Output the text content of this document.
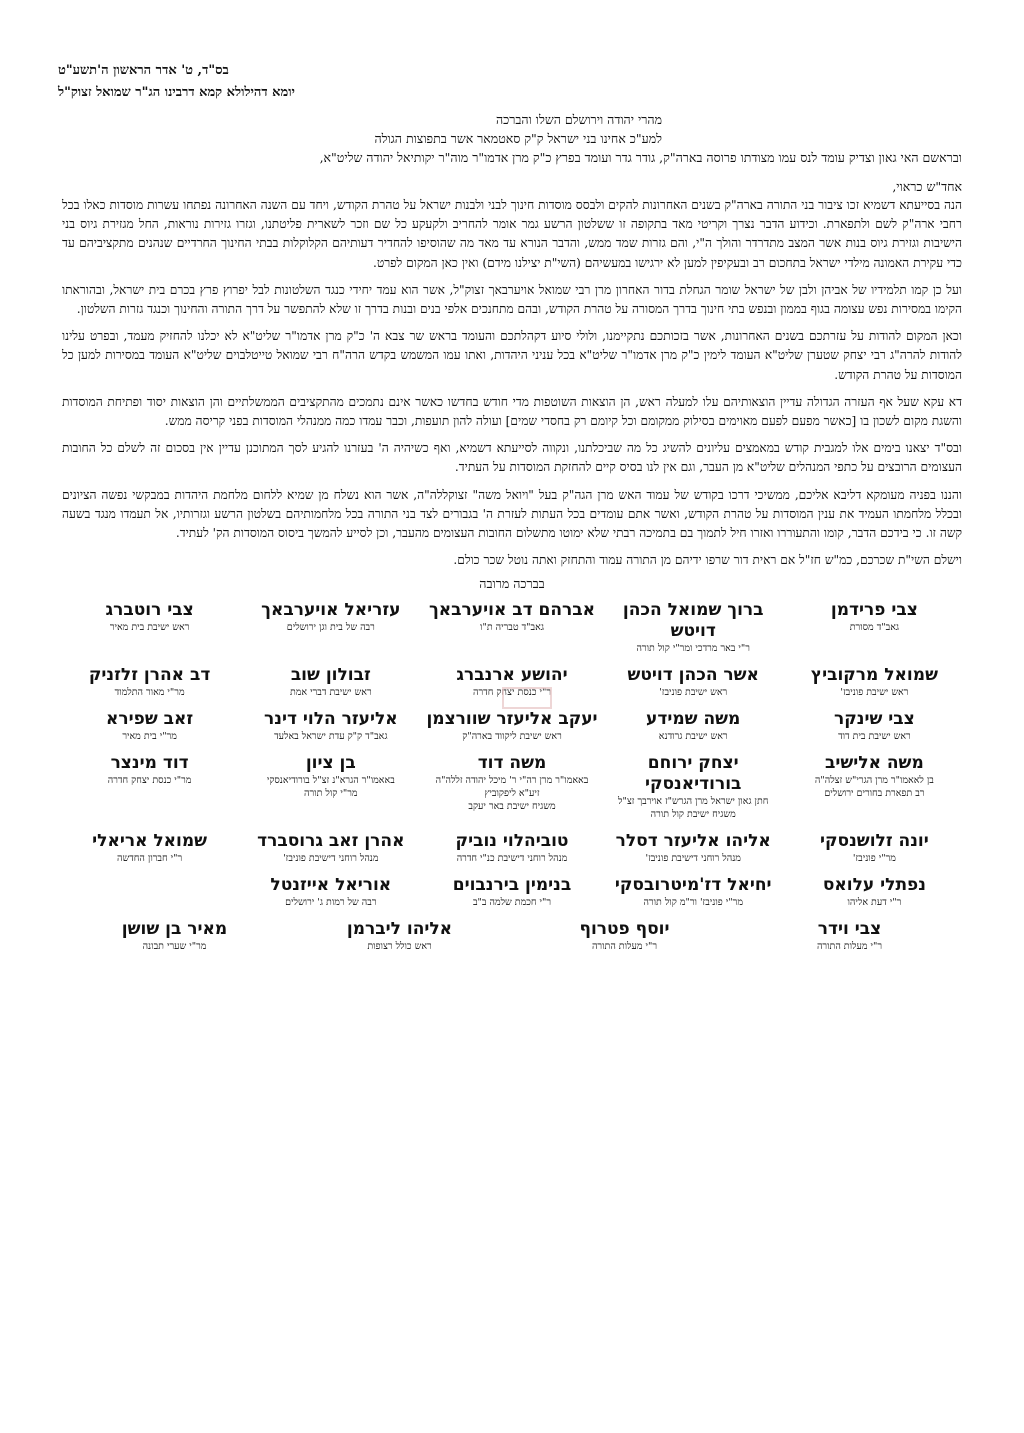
בס"ד, ט' אדר הראשון ה'תשע"ט
יומא דהילולא קמא דרבינו הג"ר שמואל זצוק"ל
מהרי יהודה וירושלם השלו והברכה
למע"כ אחינו בני ישראל ק"ק סאטמאר אשר בתפוצות הגולה
ובראשם האי גאון וצדיק עומד לנס עמו מצודתו פרוסה בארה"ק, גודר גדר ועומד בפרץ כ"ק מרן אדמו"ר מוה"ר יקותיאל יהודה שליט"א,
אחד"ש כראוי,

הנה בסייעתא דשמיא זכו ציבור בני התורה בארה"ק בשנים האחרונות להקים ולבסס מוסדות חינוך לבני ולבנות ישראל על טהרת הקודש, ויחד עם השנה האחרונה נפתחו עשרות מוסדות כאלו בכל רחבי ארה"ק לשם ולתפארת. וכידוע הדבר נצרך וקריטי מאד בתקופה זו ששלטון הרשע גמר אומר להחריב ולקעקע כל שם וזכר לשארית פליטתנו, וגזרו גזירות נוראות, החל מגזירת גיוס בני הישיבות וגזירת גיוס בנות אשר המצב מתדרדר והולך ה"י, והם גזרות שמד ממש, והדבר הנורא עד מאד מה שהוסיפו להחדיר דעותיהם הקלוקלות בבתי החינוך החרדיים שנהנים מתקציביהם עד כדי עקירת האמונה מילדי ישראל בתחכום רב ובעקיפין למען לא ירגישו במעשיהם (השי"ת יצילנו מידם) ואין כאן המקום לפרט.

ועל כן קמו תלמידיו של אביהן ולבן של ישראל שומר הגחלת בדור האחרון מרן רבי שמואל אויערבאך זצוק"ל, אשר הוא עמד יחידי כנגד השלטונות לבל יפרוץ פרץ בכרם בית ישראל, ובהוראתו הקימו במסירות נפש עצומה בגוף בממון ובנפש בתי חינוך בדרך המסורה על טהרת הקודש, ובהם מתחנכים אלפי בנים ובנות בדרך זו שלא להתפשר על דרך התורה והחינוך וכנגד גזרות השלטון.

וכאן המקום להודות על עזרתכם בשנים האחרונות, אשר בזכותכם נתקיימנו, ולולי סיוע דקהלתכם והעומד בראש שר צבא ה' כ"ק מרן אדמו"ר שליט"א לא יכלנו להחזיק מעמד, ובפרט עלינו להודות להרה"ג רבי יצחק שטערן שליט"א העומד לימין כ"ק מרן אדמו"ר שליט"א בכל עניני היהדות, ואתו עמו המשמש בקדש הרה"ח רבי שמואל טייטלבוים שליט"א העומד במסירות למען כל המוסדות על טהרת הקודש.

דא עקא שעל אף העזרה הגדולה עדיין הוצאותיהם עלו למעלה ראש, הן הוצאות השוטפות מדי חודש בחדשו כאשר אינם נתמכים מהתקציבים הממשלתיים והן הוצאות יסוד ופתיחת המוסדות והשגת מקום לשכון בו [כאשר מפעם לפעם מאוימים בסילוק ממקומם וכל קיומם רק בחסדי שמים] ועולה להון תועפות, וכבר עמדו כמה ממנהלי המוסדות בפני קריסה ממש.

ובס"ד יצאנו בימים אלו למגבית קודש במאמצים עליונים להשיג כל מה שביכלתנו, ונקווה לסייעתא דשמיא, ואף כשיהיה ה' בעזרנו להגיע לסך המתוכנן עדיין אין בסכום זה לשלם כל החובות העצומים הרובצים על כתפי המנהלים שליט"א מן העבר, וגם אין לנו בסיס קיים להחזקת המוסדות על העתיד.

והננו בפניה מעומקא דליבא אליכם, ממשיכי דרכו בקודש של עמוד האש מרן הגה"ק בעל "ויואל משה" זצוקללה"ה, אשר הוא נשלח מן שמיא ללחום מלחמת היהדות במבקשי נפשה הציונים ובכלל מלחמתו העמיד את ענין המוסדות על טהרת הקודש, ואשר אתם עומדים בכל העתות לעזרת ה' בגבורים לצד בני התורה בכל מלחמותיהם בשלטון הרשע וגזרותיו, אל תעמדו מנגד בשעה קשה זו. כי בידכם הדבר, קומו והתעוררו ואזרו חיל לתמוך בם בתמיכה רבתי שלא ימוטו מתשלום החובות העצומים מהעבר, וכן לסייע להמשך ביסוס המוסדות הק' לעתיד.

וישלם השי"ת שכרכם, כמ"ש חז"ל אם ראית דור שרפו ידיהם מן התורה עמוד והתחזק ואתה נוטל שכר כולם.
בברכה מרובה
צבי פרידמן
גאב"ד מסורת
ברוך שמואל הכהן דויטש
ר"י באר מרדכי ומר"י קול תורה
אברהם דב אויערבאך
גאב"ד טבריה ת"ו
עזריאל אויערבאך
רבה של בית וגן ירושלים
צבי רוטברג
ראש ישיבת בית מאיר
שמואל מרקוביץ
ראש ישיבת פוניבז'
אשר הכהן דויטש
ראש ישיבת פוניבז'
יהושע ארנברג
ר"י כנסת יצחק חדרה
זבולון שוב
ראש ישיבת דברי אמת
דב אהרן זלזניק
מר"י מאור התלמוד
צבי שינקר
ראש ישיבת בית דוד
משה שמידע
ראש ישיבת גרודנא
יעקב אליעזר שוורצמן
ראש ישיבת ליקווד בארה"ק
אליעזר הלוי דינר
גאב"ד ק"ק עדת ישראל באלעד
זאב שפירא
מר"י בית מאיר
משה אלישיב
בן לאאמו"ר מרן הגרי"ש זצלה"ה
רב תפארת בחורים ירושלים
יצחק ירוחם בורודיאנסקי
חתן גאון ישראל מרן הגרש"ז אוירבך זצ"ל
משגיח ישיבת קול תורה
משה דוד
באאמו"ר מרן רה"י ר' מיכל יהודה זללה"ה זיע"א ליפקוביץ
משגיח ישיבת באר יעקב
בן ציון
באאמו"ר הגרא"נ זצ"ל בורודיאנסקי
מר"י קול תורה
דוד מינצר
מר"י כנסת יצחק חדרה
יונה זלושנסקי
מר"י פוניבז'
אליהו אליעזר דסלר
מנהל רוחני דישיבת פוניבז'
טוביהלוי נוביק
מנהל רוחני דישיבת כנ"י חדרה
אהרן זאב גרוסברד
מנהל רוחני דישיבת פוניבז'
שמואל אריאלי
ר"י חברון החדשה
נפתלי עלואס
ר"י דעת אליהו
יחיאל דז'מיטרובסקי
מר"י פוניבז' ור"מ קול תורה
בנימין בירנבוים
ר"י חכמת שלמה ב"ב
אוריאל אייזנטל
רבה של רמות ג' ירושלים
צבי וידר
ר"י מעלות התורה
יוסף פטרוף
ר"י מעלות התורה
אליהו ליברמן
ראש כולל רצופות
מאיר בן שושן
מר"י שערי תבונה
